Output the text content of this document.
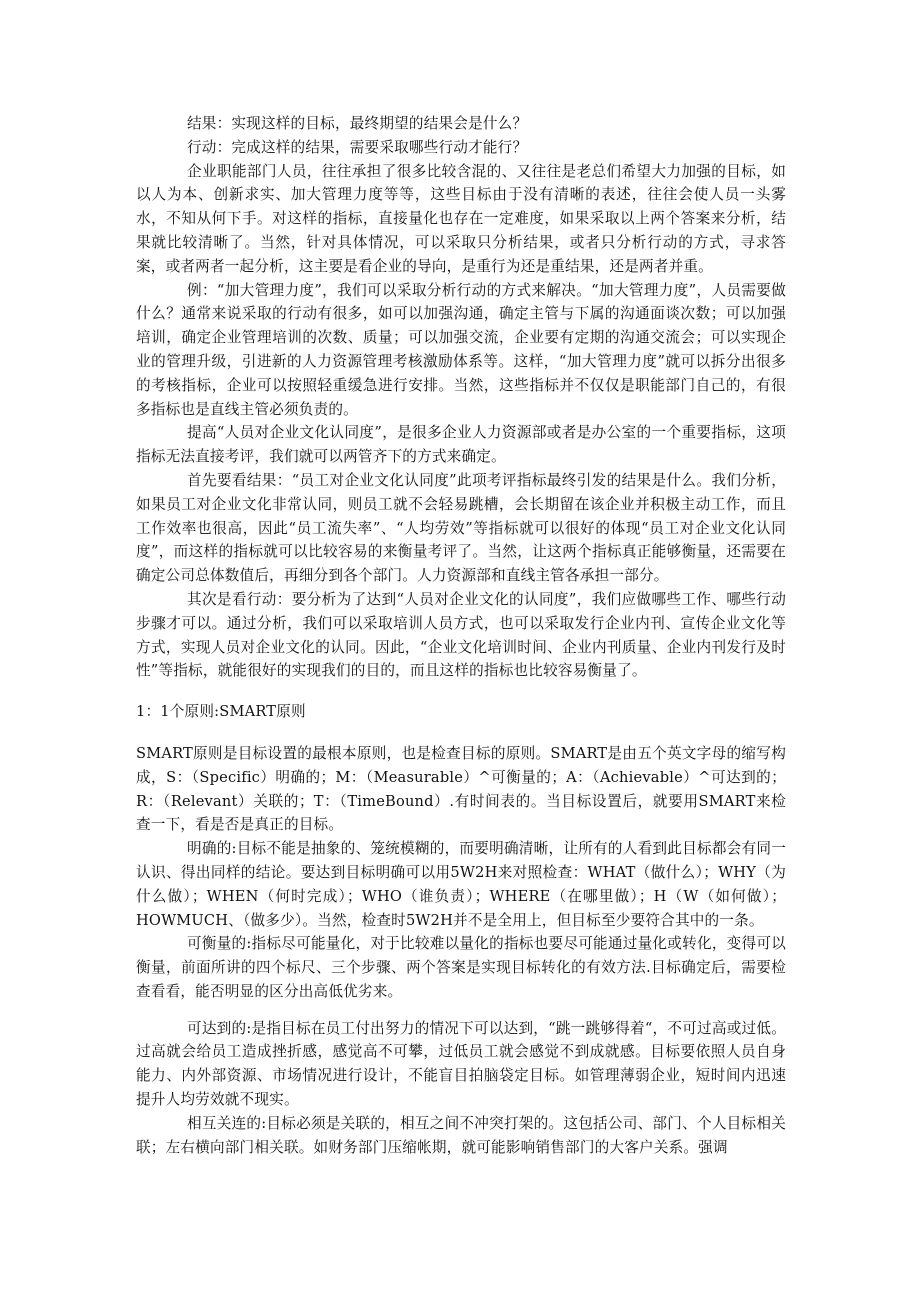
结果：实现这样的目标，最终期望的结果会是什么？

行动：完成这样的结果，需要采取哪些行动才能行？

企业职能部门人员，往往承担了很多比较含混的、又往往是老总们希望大力加强的目标，如以人为本、创新求实、加大管理力度等等，这些目标由于没有清晰的表述，往往会使人员一头雾水，不知从何下手。对这样的指标，直接量化也存在一定难度，如果采取以上两个答案来分析，结果就比较清晰了。当然，针对具体情况，可以采取只分析结果，或者只分析行动的方式，寻求答案，或者两者一起分析，这主要是看企业的导向，是重行为还是重结果，还是两者并重。

例：“加大管理力度”，我们可以采取分析行动的方式来解决。“加大管理力度”，人员需要做什么？通常来说采取的行动有很多，如可以加强沟通，确定主管与下属的沟通面谈次数；可以加强培训，确定企业管理培训的次数、质量；可以加强交流，企业要有定期的沟通交流会；可以实现企业的管理升级，引进新的人力资源管理考核激励体系等。这样，“加大管理力度”就可以拆分出很多的考核指标，企业可以按照轻重缓急进行安排。当然，这些指标并不仅仅是职能部门自己的，有很多指标也是直线主管必须负责的。

提高“人员对企业文化认同度”，是很多企业人力资源部或者是办公室的一个重要指标，这项指标无法直接考评，我们就可以两管齐下的方式来确定。

首先要看结果：“员工对企业文化认同度”此项考评指标最终引发的结果是什么。我们分析，如果员工对企业文化非常认同，则员工就不会轻易跳槽，会长期留在该企业并积极主动工作，而且工作效率也很高，因此“员工流失率”、“人均劳效”等指标就可以很好的体现“员工对企业文化认同度”，而这样的指标就可以比较容易的来衡量考评了。当然，让这两个指标真正能够衡量，还需要在确定公司总体数值后，再细分到各个部门。人力资源部和直线主管各承担一部分。

其次是看行动：要分析为了达到“人员对企业文化的认同度”，我们应做哪些工作、哪些行动步骤才可以。通过分析，我们可以采取培训人员方式，也可以采取发行企业内刊、宣传企业文化等方式，实现人员对企业文化的认同。因此，“企业文化培训时间、企业内刊质量、企业内刊发行及时性”等指标，就能很好的实现我们的目的，而且这样的指标也比较容易衡量了。

1：1个原则:SMART原则

SMART原则是目标设置的最根本原则，也是检查目标的原则。SMART是由五个英文字母的缩写构成，S：（Specific）明确的；M：（Measurable）^可衡量的；A：（Achievable）^可达到的；R：（Relevant）关联的；T：（TimeBound）.有时间表的。当目标设置后，就要用SMART来检查一下，看是否是真正的目标。

明确的:目标不能是抽象的、笼统模糊的，而要明确清晰，让所有的人看到此目标都会有同一认识、得出同样的结论。要达到目标明确可以用5W2H来对照检查：WHAT（做什么）；WHY（为什么做）；WHEN（何时完成）；WHO（谁负责）；WHERE（在哪里做）；H（W（如何做）；HOWMUCH、（做多少）。当然，检查时5W2H并不是全用上，但目标至少要符合其中的一条。

可衡量的:指标尽可能量化，对于比较难以量化的指标也要尽可能通过量化或转化，变得可以衡量，前面所讲的四个标尺、三个步骤、两个答案是实现目标转化的有效方法.目标确定后，需要检查看看，能否明显的区分出高低优劣来。

可达到的:是指目标在员工付出努力的情况下可以达到，“跳一跳够得着“，不可过高或过低。过高就会给员工造成挫折感，感觉高不可攀，过低员工就会感觉不到成就感。目标要依照人员自身能力、内外部资源、市场情况进行设计，不能盲目拍脑袋定目标。如管理薄弱企业，短时间内迅速提升人均劳效就不现实。

相互关连的:目标必须是关联的，相互之间不冲突打架的。这包括公司、部门、个人目标相关联；左右横向部门相关联。如财务部门压缩帐期，就可能影响销售部门的大客户关系。强调
